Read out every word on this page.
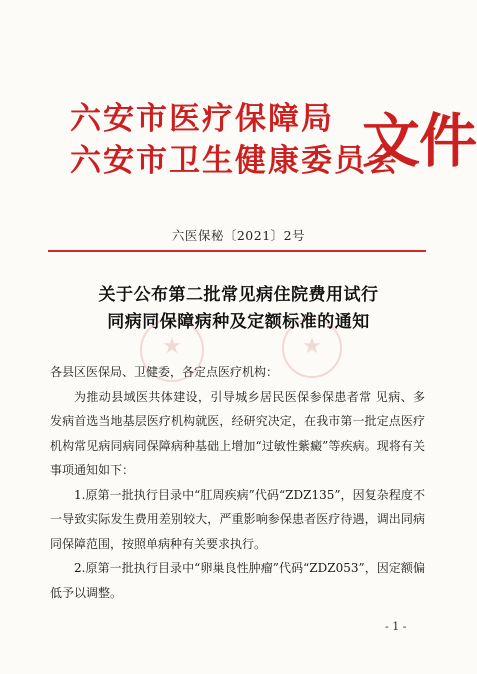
六安市医疗保障局
六安市卫生健康委员会
文件
六医保秘〔2021〕2号
★	★
关于公布第二批常见病住院费用试行
同病同保障病种及定额标准的通知

各县区医保局、卫健委，各定点医疗机构：

为推动县域医共体建设，引导城乡居民医保参保患者常 见病、多发病首选当地基层医疗机构就医，经研究决定，在我市第一批定点医疗机构常见病同病同保障病种基础上增加“过敏性紫癜”等疾病。现将有关事项通知如下：

1.原第一批执行目录中“肛周疾病”代码“ZDZ135”，因复杂程度不一导致实际发生费用差别较大，严重影响参保患者医疗待遇，调出同病同保障范围，按照单病种有关要求执行。

2.原第一批执行目录中“卵巢良性肿瘤”代码“ZDZ053”，因定额偏低予以调整。

- 1 -
